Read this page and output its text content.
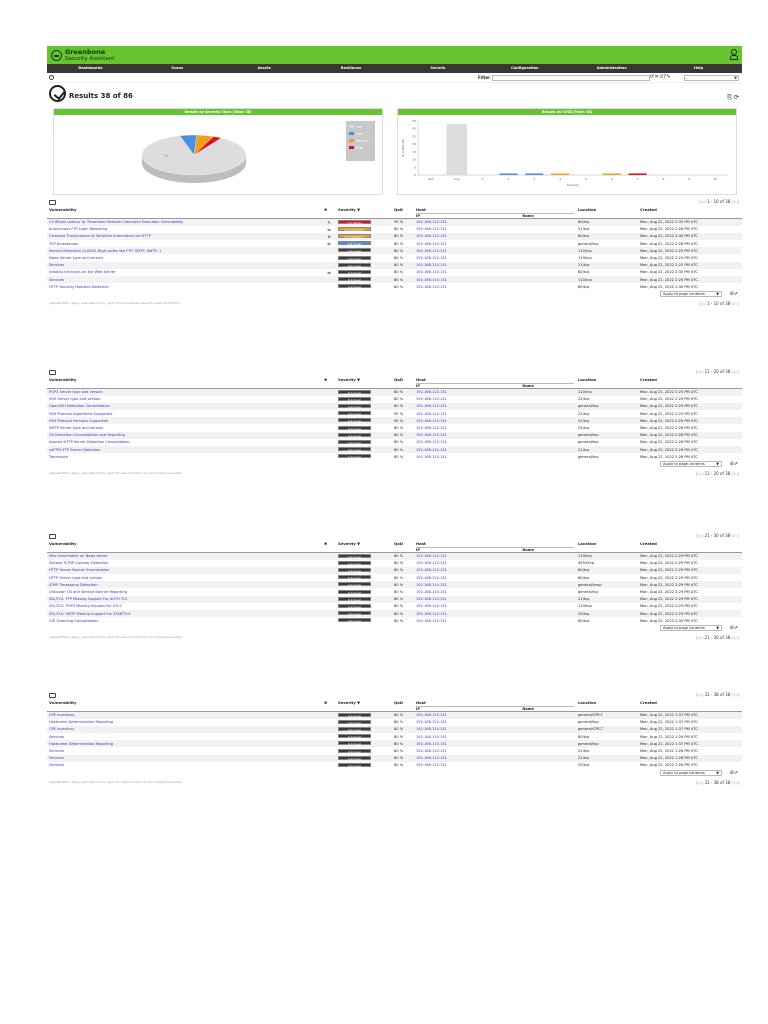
Greenbone
Security Assistant
Dashboards	Scans	Assets	Resilience	SecInfo	Configuration	Administration	Help
Filter	⟳✕↺?✎	-- ▼
Results 38 of 86	⎘ ⟳
Results by Severity Class (Total: 38)
33
Log
Low
Medium
High
Results by CVSS (Total: 38)
0
5
10
15
20
25
30
35
N/A	Log	1	2	3	4	5	6	7	8	9	10
Severity
# of Results
|◁◁ 1 - 10 of 38 ▷▷|
Vulnerability	✱	Severity ▼	QoD	Host
IP Name	Location	Created
CS Whois Lookup 'ip' Parameter Remote Command Execution Vulnerability	✎	7.5 (High)	99 %	192.168.110.131	80/tcp	Mon, Aug 22, 2022 2:35 PM UTC
Anonymous FTP Login Reporting	⇆	6.4 (Medium)	80 %	192.168.110.131	21/tcp	Mon, Aug 22, 2022 2:28 PM UTC
Cleartext Transmission of Sensitive Information via HTTP	⊛	4.8 (Medium)	80 %	192.168.110.131	80/tcp	Mon, Aug 22, 2022 2:30 PM UTC
TCP timestamps	⇆	2.6 (Low)	80 %	192.168.110.131	general/tcp	Mon, Aug 22, 2022 2:28 PM UTC
Service Detection (3-ASCII-Digit codes like FTP, SMTP, NNTP...)		0.0 (Log)	80 %	192.168.110.131	110/tcp	Mon, Aug 22, 2022 2:25 PM UTC
News Server type and version		0.0 (Log)	80 %	192.168.110.131	119/tcp	Mon, Aug 22, 2022 2:25 PM UTC
Services		0.0 (Log)	80 %	192.168.110.131	21/tcp	Mon, Aug 22, 2022 2:25 PM UTC
robot(s).txt exists on the Web Server	⇆	0.0 (Log)	80 %	192.168.110.131	80/tcp	Mon, Aug 22, 2022 2:30 PM UTC
Services		0.0 (Log)	80 %	192.168.110.131	110/tcp	Mon, Aug 22, 2022 2:25 PM UTC
HTTP Security Headers Detection		0.0 (Log)	80 %	192.168.110.131	80/tcp	Mon, Aug 22, 2022 2:30 PM UTC
Apply to page contents	▼ ⊘⇗
(Applied filter: apply_overrides=0 min_qod=70 sort-reverse=severity rows=10 first=1)	|◁◁ 1 - 10 of 38 ▷▷|
|◁◁ 11 - 20 of 38 ▷▷|
Vulnerability	✱	Severity ▼	QoD	Host
IP Name	Location	Created
POP3 Server type and version		0.0 (Log)	80 %	192.168.110.131	110/tcp	Mon, Aug 22, 2022 2:25 PM UTC
SSH Server type and version		0.0 (Log)	80 %	192.168.110.131	22/tcp	Mon, Aug 22, 2022 2:25 PM UTC
OpenSSH Detection Consolidation		0.0 (Log)	80 %	192.168.110.131	general/tcp	Mon, Aug 22, 2022 2:25 PM UTC
SSH Protocol Algorithms Supported		0.0 (Log)	95 %	192.168.110.131	22/tcp	Mon, Aug 22, 2022 2:25 PM UTC
SSH Protocol Versions Supported		0.0 (Log)	95 %	192.168.110.131	22/tcp	Mon, Aug 22, 2022 2:25 PM UTC
SMTP Server type and version		0.0 (Log)	80 %	192.168.110.131	25/tcp	Mon, Aug 22, 2022 2:26 PM UTC
OS Detection Consolidation and Reporting		0.0 (Log)	80 %	192.168.110.131	general/tcp	Mon, Aug 22, 2022 2:28 PM UTC
Apache HTTP Server Detection Consolidation		0.0 (Log)	80 %	192.168.110.131	general/tcp	Mon, Aug 22, 2022 2:28 PM UTC
vsFTPd FTP Server Detection		0.0 (Log)	80 %	192.168.110.131	21/tcp	Mon, Aug 22, 2022 2:28 PM UTC
Traceroute		0.0 (Log)	80 %	192.168.110.131	general/tcp	Mon, Aug 22, 2022 2:28 PM UTC
Apply to page contents	▼ ⊘⇗
(Applied filter: apply_overrides=0 min_qod=70 rows=10 first=11 sort-reverse=severity)	|◁◁ 11 - 20 of 38 ▷▷|
|◁◁ 21 - 30 of 38 ▷▷|
Vulnerability	✱	Severity ▼	QoD	Host
IP Name	Location	Created
Misc information on News server		0.0 (Log)	80 %	192.168.110.131	119/tcp	Mon, Aug 22, 2022 2:29 PM UTC
Sybase TCP/IP Listener Detection		0.0 (Log)	80 %	192.168.110.131	4555/tcp	Mon, Aug 22, 2022 2:29 PM UTC
HTTP Server Banner Enumeration		0.0 (Log)	80 %	192.168.110.131	80/tcp	Mon, Aug 22, 2022 2:29 PM UTC
HTTP Server type and version		0.0 (Log)	80 %	192.168.110.131	80/tcp	Mon, Aug 22, 2022 2:29 PM UTC
ICMP Timestamp Detection		0.0 (Log)	80 %	192.168.110.131	general/icmp	Mon, Aug 22, 2022 2:29 PM UTC
Unknown OS and Service Banner Reporting		0.0 (Log)	80 %	192.168.110.131	general/tcp	Mon, Aug 22, 2022 2:29 PM UTC
SSL/TLS: FTP Missing Support For AUTH TLS		0.0 (Log)	80 %	192.168.110.131	21/tcp	Mon, Aug 22, 2022 2:29 PM UTC
SSL/TLS: POP3 Missing Support For STLS		0.0 (Log)	80 %	192.168.110.131	110/tcp	Mon, Aug 22, 2022 2:29 PM UTC
SSL/TLS: SMTP Missing Support For STARTTLS		0.0 (Log)	80 %	192.168.110.131	25/tcp	Mon, Aug 22, 2022 2:29 PM UTC
CGI Scanning Consolidation		0.0 (Log)	80 %	192.168.110.131	80/tcp	Mon, Aug 22, 2022 2:30 PM UTC
Apply to page contents	▼ ⊘⇗
(Applied filter: apply_overrides=0 min_qod=70 rows=10 first=21 sort-reverse=severity)	|◁◁ 21 - 30 of 38 ▷▷|
|◁◁ 31 - 38 of 38 ▷▷|
Vulnerability	✱	Severity ▼	QoD	Host
IP Name	Location	Created
CPE Inventory		0.0 (Log)	80 %	192.168.110.131	general/CPE-T	Mon, Aug 22, 2022 1:37 PM UTC
Hostname Determination Reporting		0.0 (Log)	80 %	192.168.110.131	general/tcp	Mon, Aug 22, 2022 1:37 PM UTC
CPE Inventory		0.0 (Log)	80 %	192.168.110.131	general/CPE-T	Mon, Aug 22, 2022 1:37 PM UTC
Services		0.0 (Log)	80 %	192.168.110.131	80/tcp	Mon, Aug 22, 2022 1:26 PM UTC
Hostname Determination Reporting		0.0 (Log)	80 %	192.168.110.131	general/tcp	Mon, Aug 22, 2022 1:37 PM UTC
Services		0.0 (Log)	80 %	192.168.110.131	22/tcp	Mon, Aug 22, 2022 1:26 PM UTC
Services		0.0 (Log)	80 %	192.168.110.131	21/tcp	Mon, Aug 22, 2022 1:26 PM UTC
Services		0.0 (Log)	80 %	192.168.110.131	25/tcp	Mon, Aug 22, 2022 1:26 PM UTC
Apply to page contents	▼ ⊘⇗
(Applied filter: apply_overrides=0 min_qod=70 rows=10 first=31 sort-reverse=severity)	|◁◁ 31 - 38 of 38 ▷▷|
